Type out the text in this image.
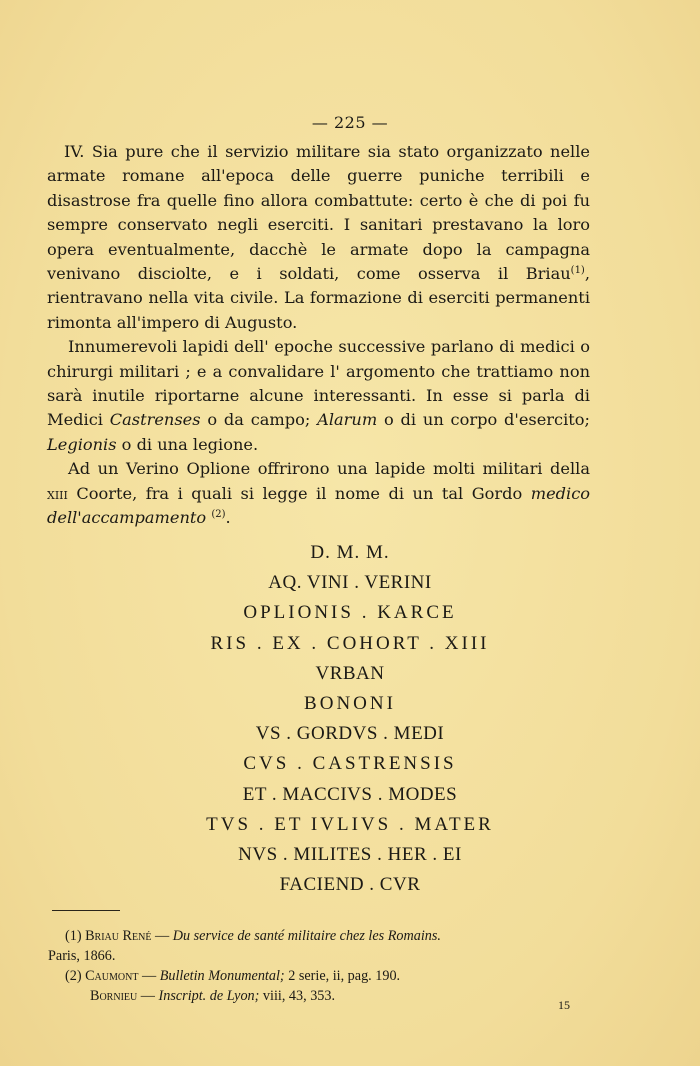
— 225 —

IV. Sia pure che il servizio militare sia stato organizzato nelle armate romane all'epoca delle guerre puniche terribili e disastrose fra quelle fino allora combattute: certo è che di poi fu sempre conservato negli eserciti. I sanitari prestavano la loro opera eventualmente, dacchè le armate dopo la campagna venivano disciolte, e i soldati, come osserva il Briau$^{(1)}$, rientravano nella vita civile. La formazione di eserciti permanenti rimonta all'impero di Augusto.

Innumerevoli lapidi dell' epoche successive parlano di medici o chirurgi militari ; e a convalidare l' argomento che trattiamo non sarà inutile riportarne alcune interessanti. In esse si parla di Medici Castrenses o da campo; Alarum o di un corpo d'esercito; Legionis o di una legione.

Ad un Verino Oplione offrirono una lapide molti militari della xiii Coorte, fra i quali si legge il nome di un tal Gordo medico dell'accampamento $^{(2)}$.

D. M. M.
AQ. VINI . VERINI
OPLIONIS . KARCE
RIS . EX . COHORT . XIII
VRBAN
BONONI
VS . GORDVS . MEDI
CVS . CASTRENSIS
ET . MACCIVS . MODES
TVS . ET IVLIVS . MATER
NVS . MILITES . HER . EI
FACIEND . CVR

(1) Briau René — Du service de santé militaire chez les Romains.
Paris, 1866.

(2) Caumont — Bulletin Monumental; 2 serie, ii, pag. 190.
Bornieu — Inscript. de Lyon; viii, 43, 353.

15
